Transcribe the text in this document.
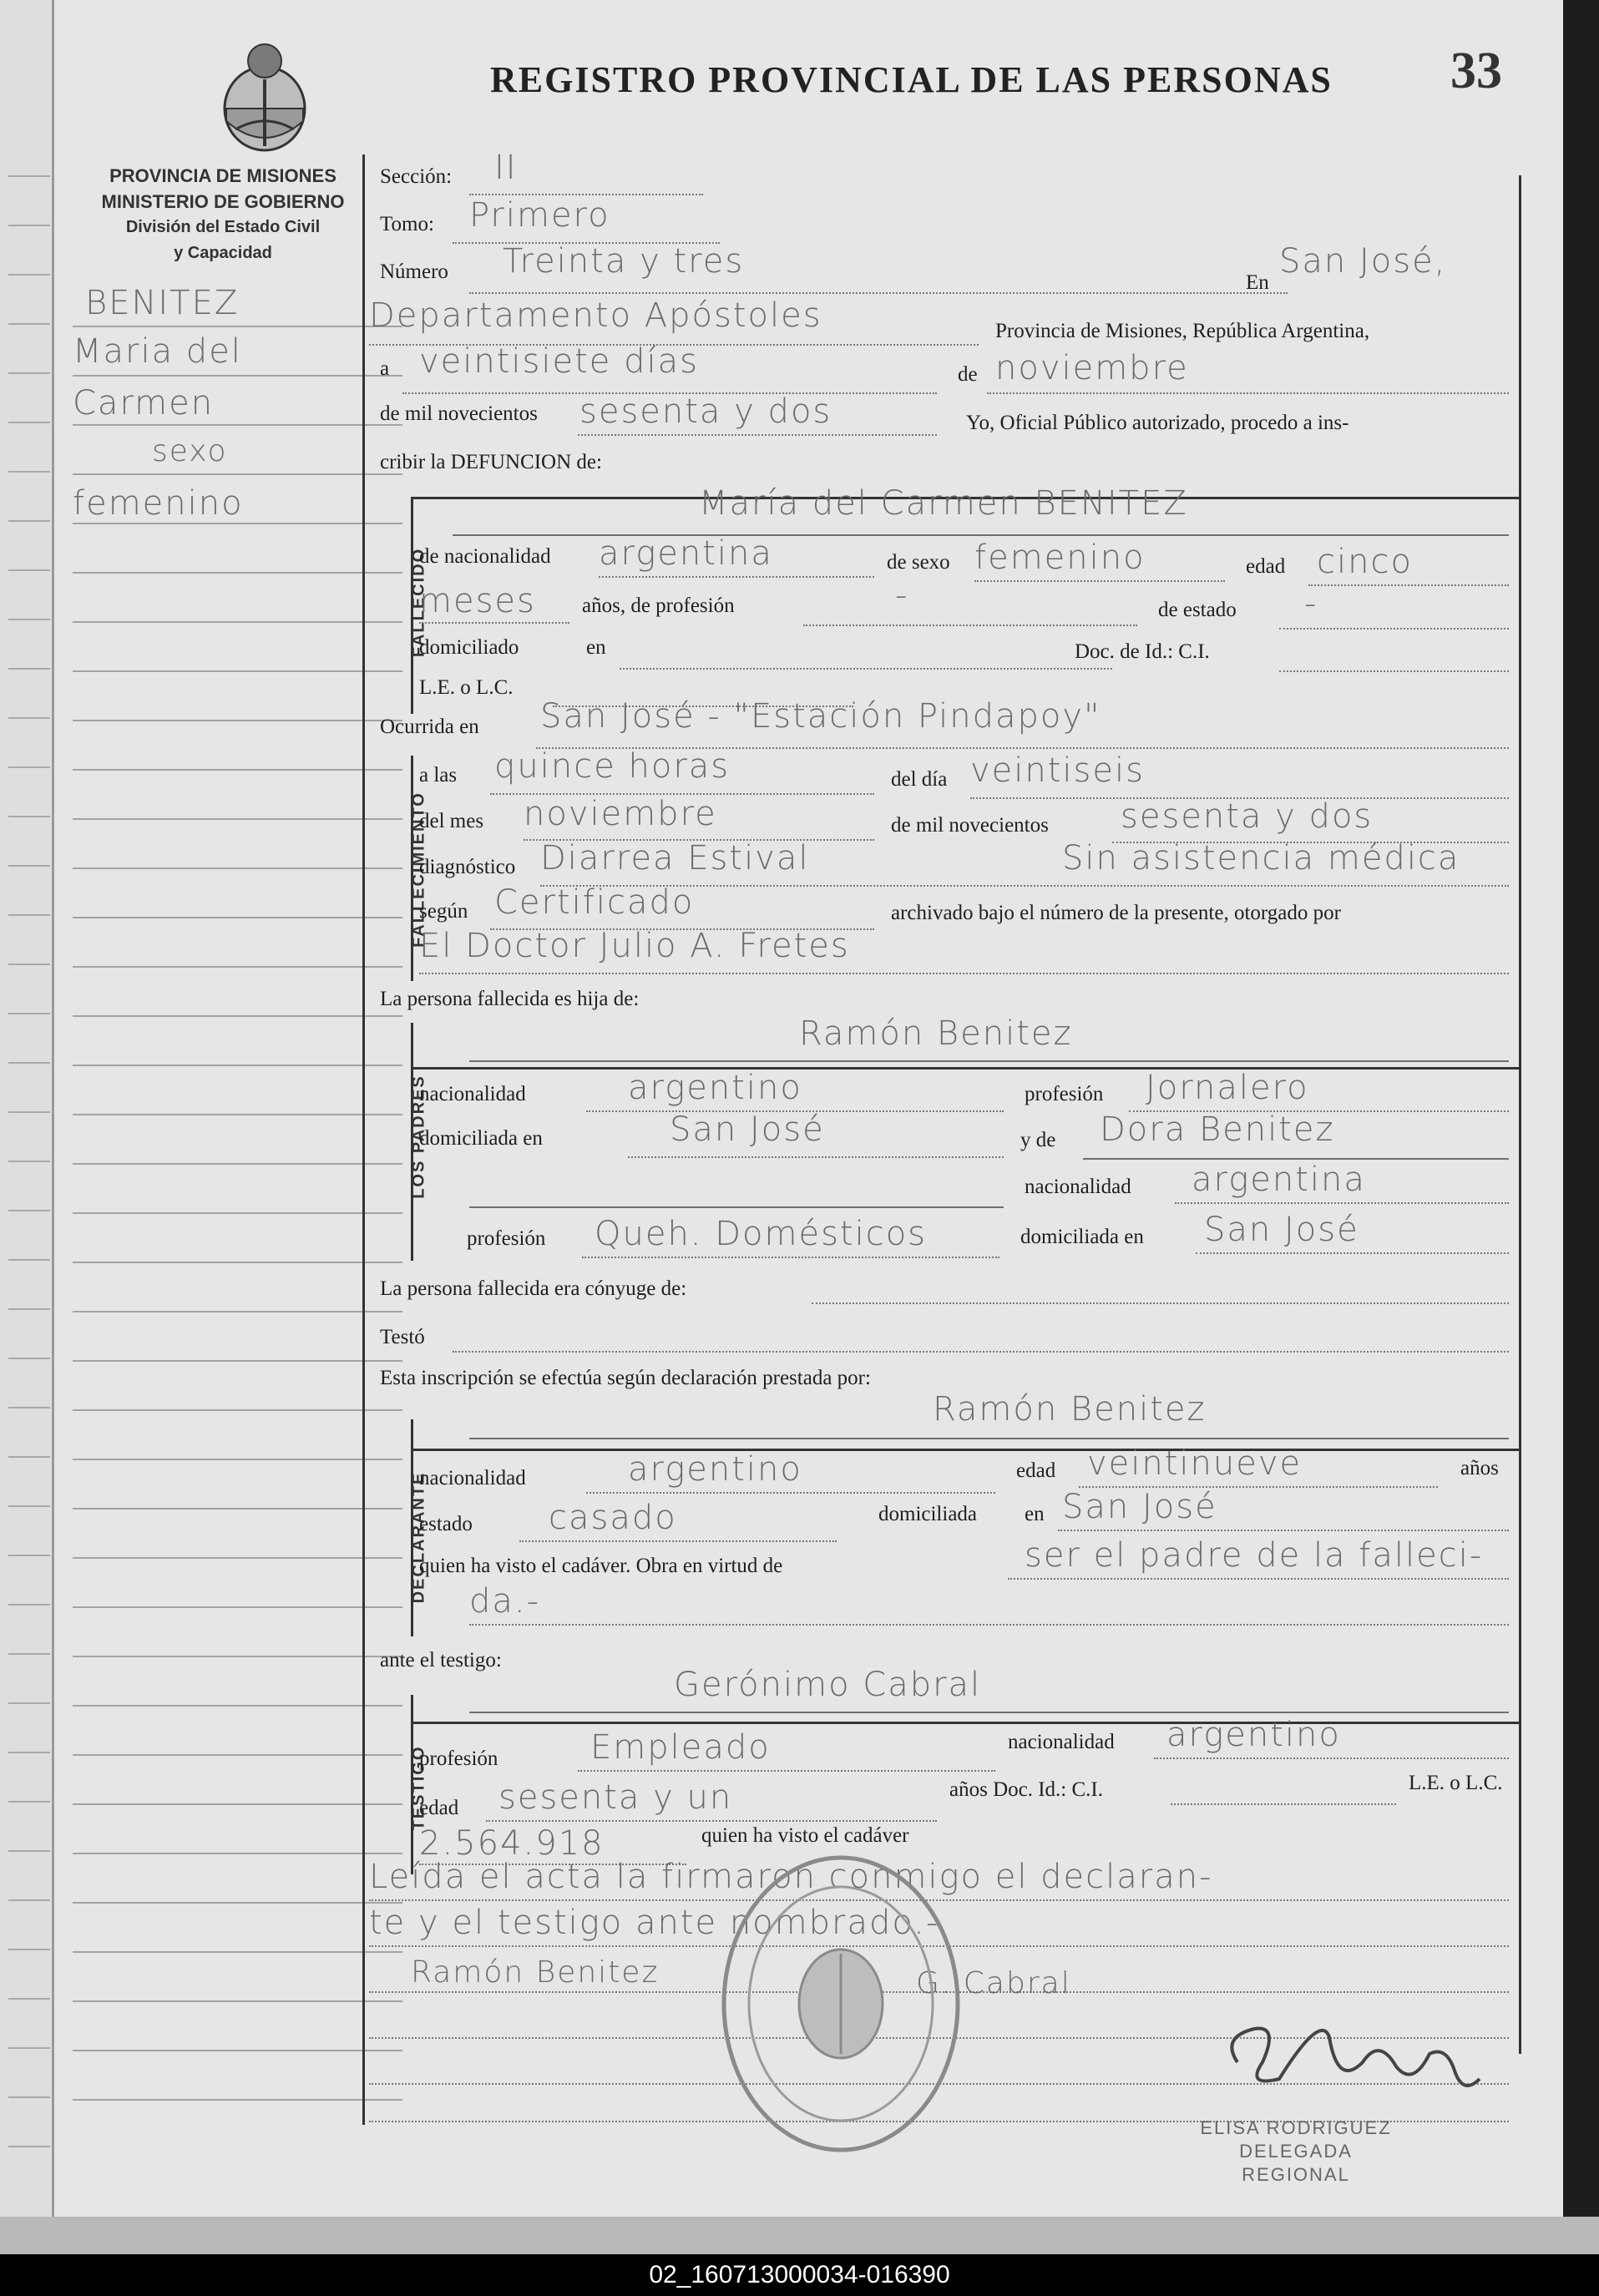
REGISTRO PROVINCIAL DE LAS PERSONAS 33
PROVINCIA DE MISIONES
MINISTERIO DE GOBIERNO
División del Estado Civil
y Capacidad
BENITEZ
Maria del
Carmen
sexo
femenino
Sección: II
Tomo: Primero
Número Treinta y tres
En
San José,
Departamento Apóstoles	Provincia de Misiones, República Argentina,
a veintisiete días	de noviembre
de mil novecientos sesenta y dos	Yo, Oficial Público autorizado, procedo a ins-
cribir la DEFUNCION de:
FALLECIDO
María del Carmen BENITEZ
de nacionalidad argentina	de sexo femenino	edad cinco
meses años, de profesión	-	de estado -
domiciliado	en	Doc. de Id.: C.I.
L.E. o L.C.
Ocurrida en San José - "Estación Pindapoy"
FALLECIMIENTO
a las quince horas	del día veintiseis
del mes noviembre	de mil novecientos sesenta y dos
diagnóstico Diarrea Estival	Sin asistencia médica
según Certificado	archivado bajo el número de la presente, otorgado por
El Doctor Julio A. Fretes
La persona fallecida es hija de:
LOS PADRES
Ramón Benitez
nacionalidad	argentino	profesión Jornalero
domiciliada en	San José	y de Dora Benitez
nacionalidad argentina
profesión Queh. Domésticos	domiciliada en San José
La persona fallecida era cónyuge de:
Testó
Esta inscripción se efectúa según declaración prestada por:
DECLARANTE
Ramón Benitez
nacionalidad	argentino	edad veintinueve	años
estado casado	domiciliada en San José
quien ha visto el cadáver. Obra en virtud de	ser el padre de la falleci-
da.-
ante el testigo:
TESTIGO
Gerónimo Cabral
profesión	Empleado	nacionalidad argentino
edad sesenta y un	años Doc. Id.: C.I.	L.E. o L.C.
2.564.918	quien ha visto el cadáver
Leída el acta la firmaron conmigo el declaran-
te y el testigo ante nombrado.-
Ramón Benitez	G. Cabral
ELISA RODRIGUEZ
DELEGADA REGIONAL
02_160713000034-016390
